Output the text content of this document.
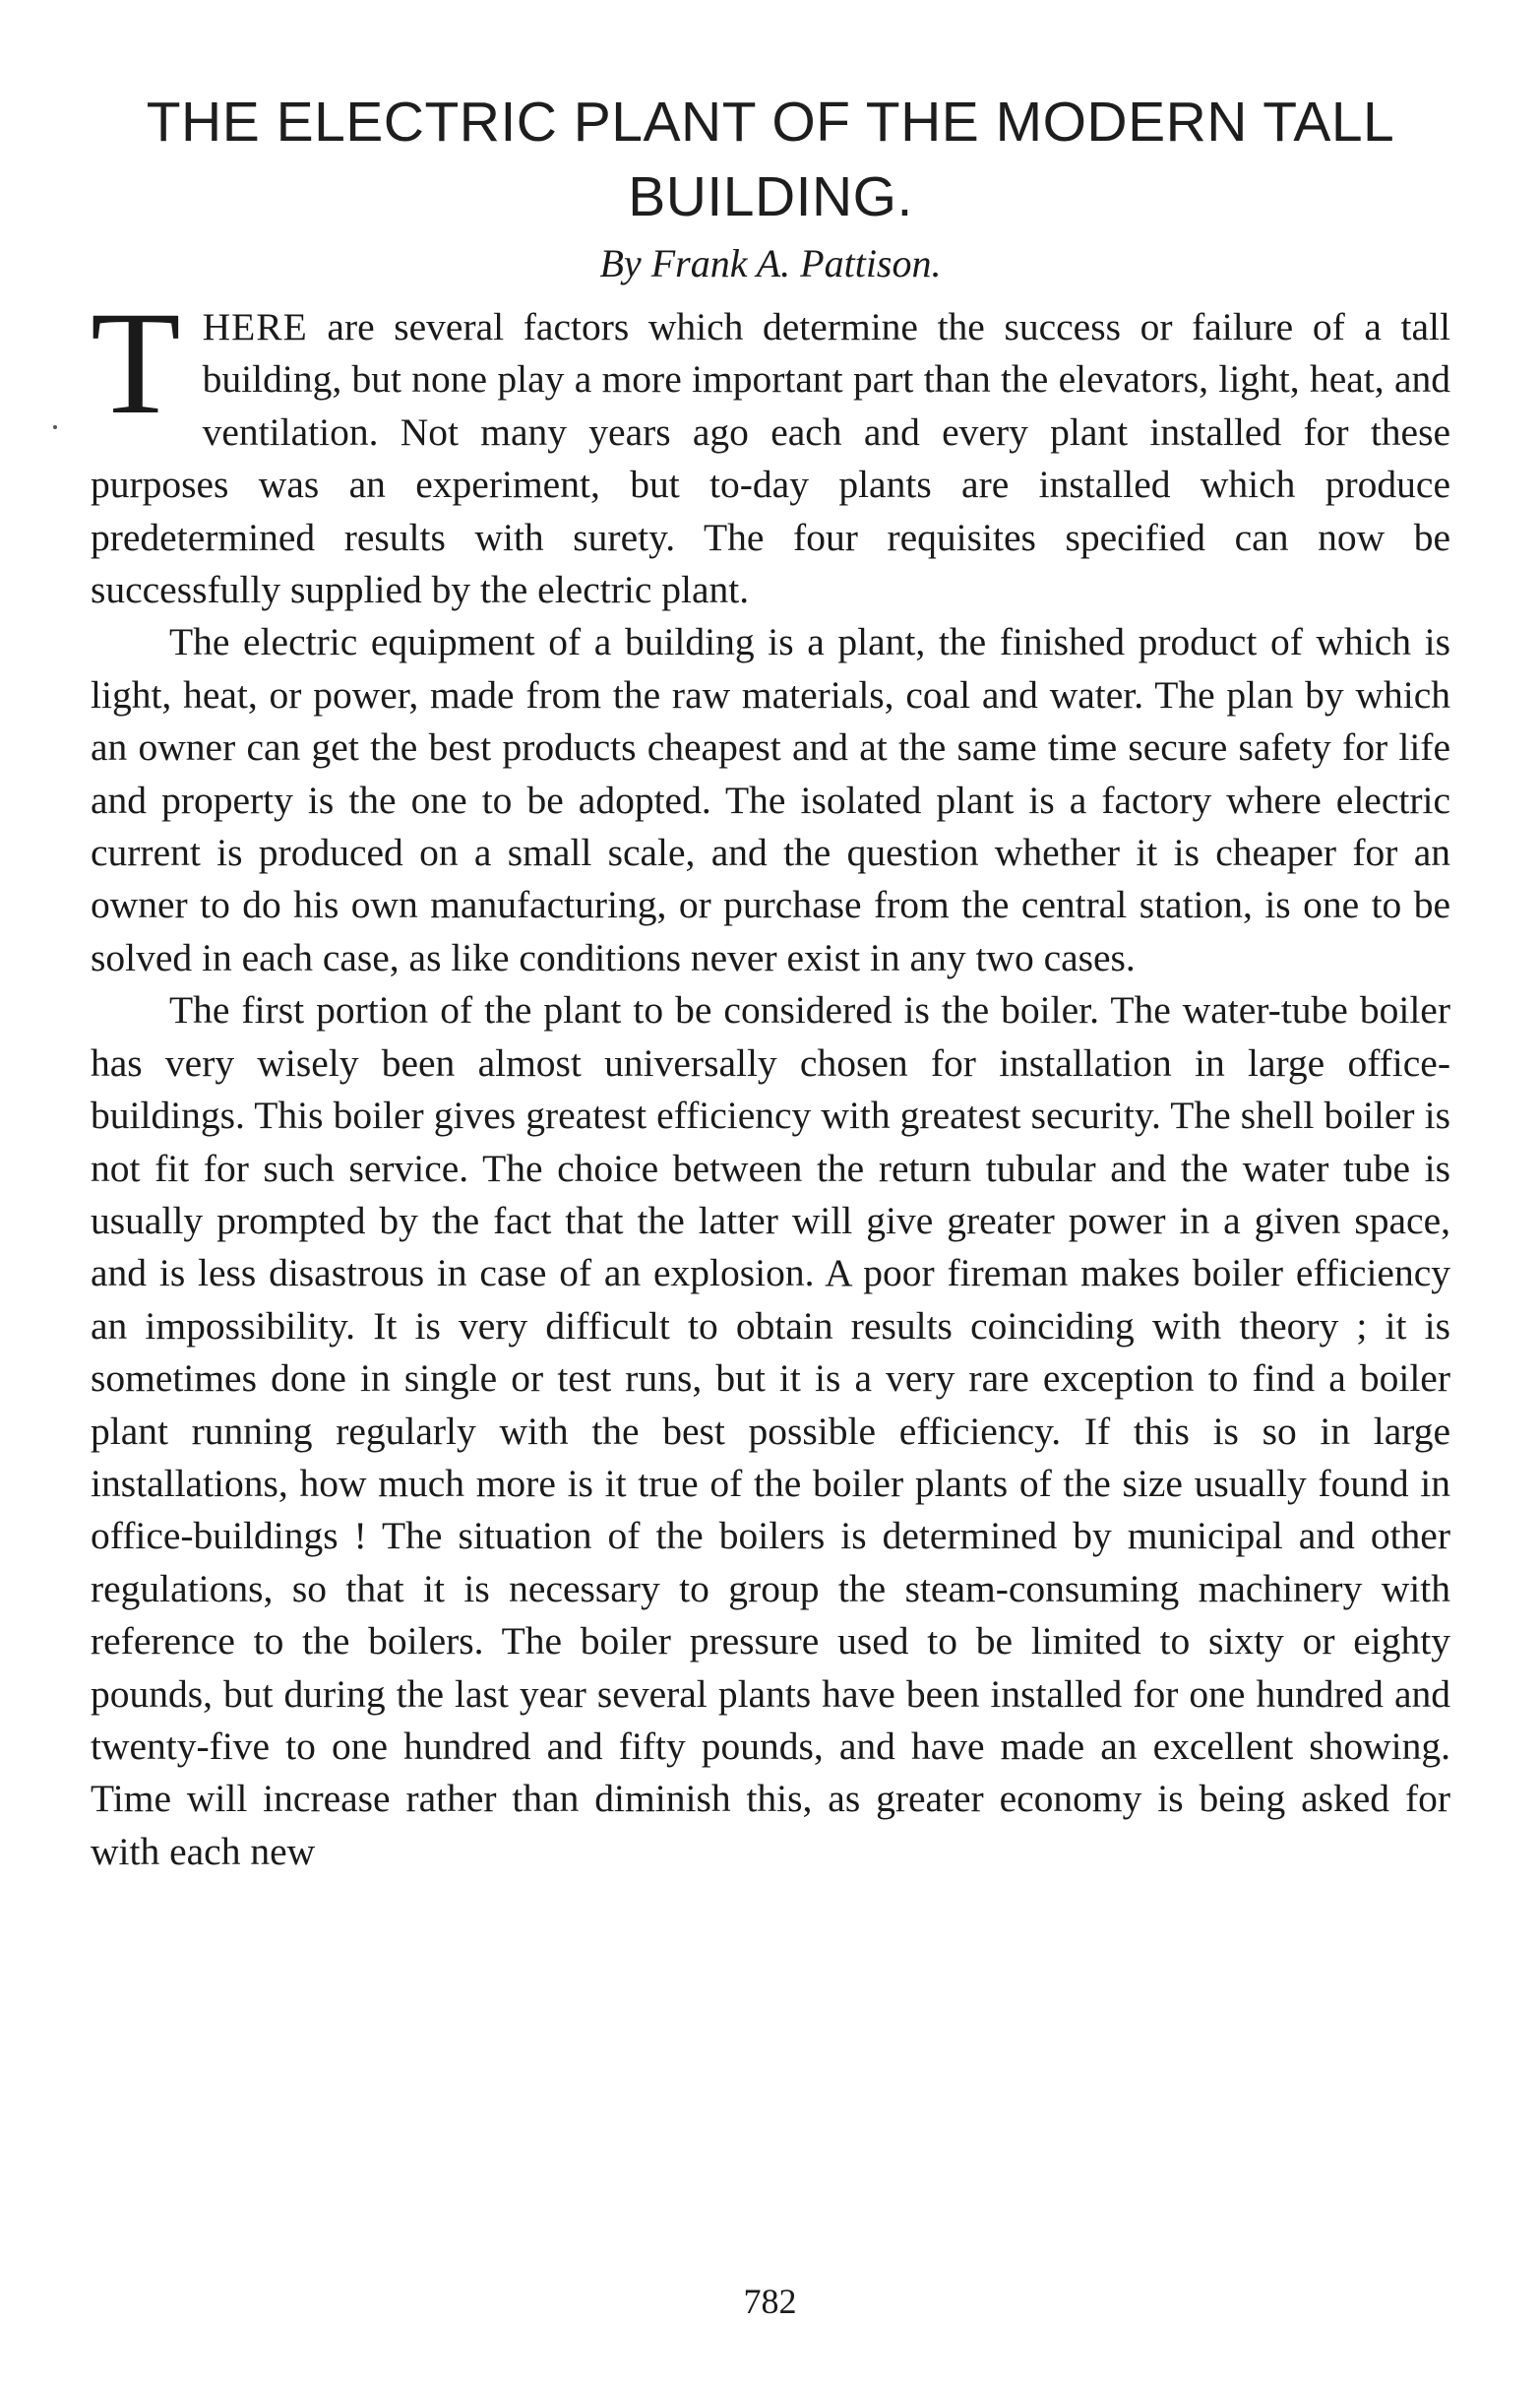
THE ELECTRIC PLANT OF THE MODERN TALL
BUILDING.
By Frank A. Pattison.

THERE are several factors which determine the success or failure of a tall building, but none play a more important part than the elevators, light, heat, and ventilation. Not many years ago each and every plant installed for these purposes was an experiment, but to-day plants are installed which produce predetermined results with surety. The four requisites specified can now be successfully supplied by the electric plant.

The electric equipment of a building is a plant, the finished product of which is light, heat, or power, made from the raw materials, coal and water. The plan by which an owner can get the best products cheapest and at the same time secure safety for life and property is the one to be adopted. The isolated plant is a factory where electric current is produced on a small scale, and the question whether it is cheaper for an owner to do his own manufacturing, or purchase from the central station, is one to be solved in each case, as like conditions never exist in any two cases.

The first portion of the plant to be considered is the boiler. The water-tube boiler has very wisely been almost universally chosen for installation in large office-buildings. This boiler gives greatest efficiency with greatest security. The shell boiler is not fit for such service. The choice between the return tubular and the water tube is usually prompted by the fact that the latter will give greater power in a given space, and is less disastrous in case of an explosion. A poor fireman makes boiler efficiency an impossibility. It is very difficult to obtain results coinciding with theory ; it is sometimes done in single or test runs, but it is a very rare exception to find a boiler plant running regularly with the best possible efficiency. If this is so in large installations, how much more is it true of the boiler plants of the size usually found in office-buildings ! The situation of the boilers is determined by municipal and other regulations, so that it is necessary to group the steam-consuming machinery with reference to the boilers. The boiler pressure used to be limited to sixty or eighty pounds, but during the last year several plants have been installed for one hundred and twenty-five to one hundred and fifty pounds, and have made an excellent showing. Time will increase rather than diminish this, as greater economy is being asked for with each new

782
